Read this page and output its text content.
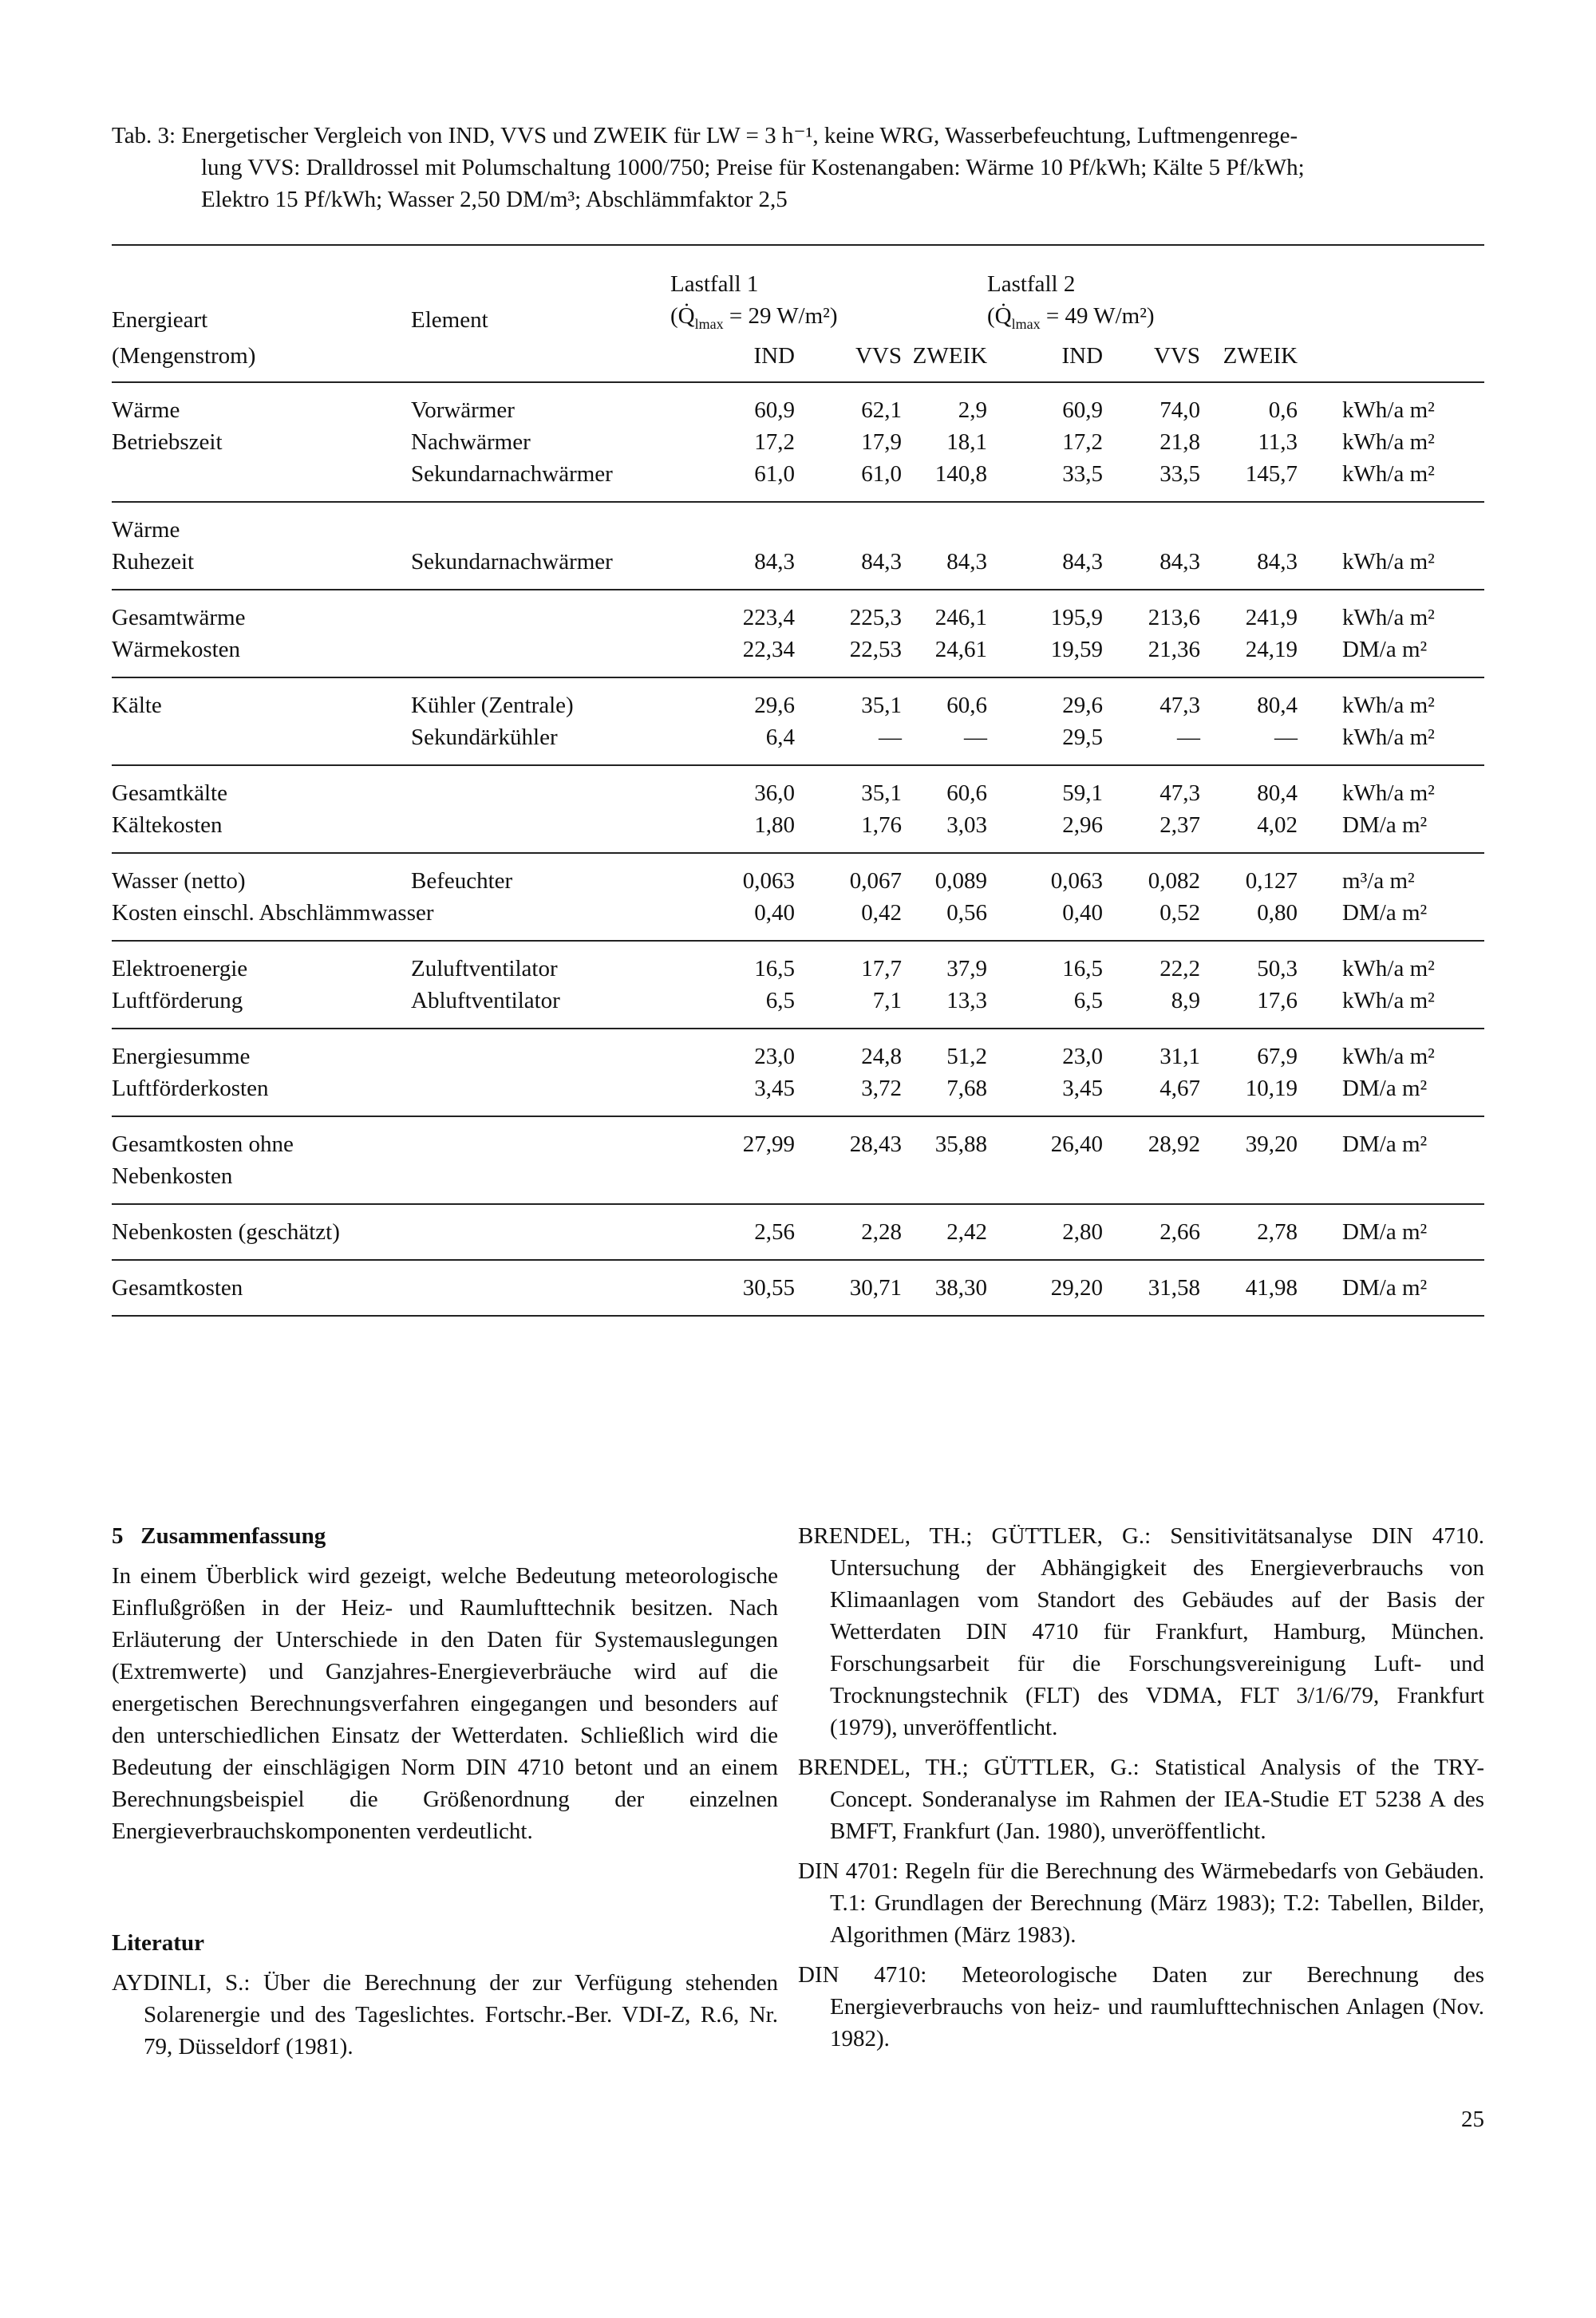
Tab. 3: Energetischer Vergleich von IND, VVS und ZWEIK für LW = 3 h⁻¹, keine WRG, Wasserbefeuchtung, Luftmengenrege-
lung VVS: Dralldrossel mit Polumschaltung 1000/750; Preise für Kostenangaben: Wärme 10 Pf/kWh; Kälte 5 Pf/kWh;
Elektro 15 Pf/kWh; Wasser 2,50 DM/m³; Abschlämmfaktor 2,5
		Lastfall 1			Lastfall 2			
Energieart	Element	($Q̇_{lmax} = 29$ W/m²)			($Q̇_{lmax} = 49$ W/m²)			
(Mengenstrom)		IND	VVS	ZWEIK	IND	VVS	ZWEIK	
Wärme	Vorwärmer	60,9	62,1	2,9	60,9	74,0	0,6	kWh/a m²
Betriebszeit	Nachwärmer	17,2	17,9	18,1	17,2	21,8	11,3	kWh/a m²
	Sekundarnachwärmer	61,0	61,0	140,8	33,5	33,5	145,7	kWh/a m²
Wärme								
Ruhezeit	Sekundarnachwärmer	84,3	84,3	84,3	84,3	84,3	84,3	kWh/a m²
Gesamtwärme		223,4	225,3	246,1	195,9	213,6	241,9	kWh/a m²
Wärmekosten		22,34	22,53	24,61	19,59	21,36	24,19	DM/a m²
Kälte	Kühler (Zentrale)	29,6	35,1	60,6	29,6	47,3	80,4	kWh/a m²
	Sekundärkühler	6,4	—	—	29,5	—	—	kWh/a m²
Gesamtkälte		36,0	35,1	60,6	59,1	47,3	80,4	kWh/a m²
Kältekosten		1,80	1,76	3,03	2,96	2,37	4,02	DM/a m²
Wasser (netto)	Befeuchter	0,063	0,067	0,089	0,063	0,082	0,127	m³/a m²
Kosten einschl. Abschlämmwasser		0,40	0,42	0,56	0,40	0,52	0,80	DM/a m²
Elektroenergie	Zuluftventilator	16,5	17,7	37,9	16,5	22,2	50,3	kWh/a m²
Luftförderung	Abluftventilator	6,5	7,1	13,3	6,5	8,9	17,6	kWh/a m²
Energiesumme		23,0	24,8	51,2	23,0	31,1	67,9	kWh/a m²
Luftförderkosten		3,45	3,72	7,68	3,45	4,67	10,19	DM/a m²
Gesamtkosten ohne		27,99	28,43	35,88	26,40	28,92	39,20	DM/a m²
Nebenkosten								
Nebenkosten (geschätzt)		2,56	2,28	2,42	2,80	2,66	2,78	DM/a m²
Gesamtkosten		30,55	30,71	38,30	29,20	31,58	41,98	DM/a m²
5   Zusammenfassung

In einem Überblick wird gezeigt, welche Bedeutung meteorologische Einflußgrößen in der Heiz- und Raumlufttechnik besitzen. Nach Erläuterung der Unterschiede in den Daten für Systemauslegungen (Extremwerte) und Ganzjahres-Energieverbräuche wird auf die energetischen Berechnungsverfahren eingegangen und besonders auf den unterschiedlichen Einsatz der Wetterdaten. Schließlich wird die Bedeutung der einschlägigen Norm DIN 4710 betont und an einem Berechnungsbeispiel die Größenordnung der einzelnen Energieverbrauchskomponenten verdeutlicht.

Literatur

AYDINLI, S.: Über die Berechnung der zur Verfügung stehenden Solarenergie und des Tageslichtes. Fortschr.-Ber. VDI-Z, R.6, Nr. 79, Düsseldorf (1981).

BRENDEL, TH.; GÜTTLER, G.: Sensitivitätsanalyse DIN 4710. Untersuchung der Abhängigkeit des Energieverbrauchs von Klimaanlagen vom Standort des Gebäudes auf der Basis der Wetterdaten DIN 4710 für Frankfurt, Hamburg, München. Forschungsarbeit für die Forschungsvereinigung Luft- und Trocknungstechnik (FLT) des VDMA, FLT 3/1/6/79, Frankfurt (1979), unveröffentlicht.

BRENDEL, TH.; GÜTTLER, G.: Statistical Analysis of the TRY-Concept. Sonderanalyse im Rahmen der IEA-Studie ET 5238 A des BMFT, Frankfurt (Jan. 1980), unveröffentlicht.

DIN 4701: Regeln für die Berechnung des Wärmebedarfs von Gebäuden. T.1: Grundlagen der Berechnung (März 1983); T.2: Tabellen, Bilder, Algorithmen (März 1983).

DIN 4710: Meteorologische Daten zur Berechnung des Energieverbrauchs von heiz- und raumlufttechnischen Anlagen (Nov. 1982).

25
